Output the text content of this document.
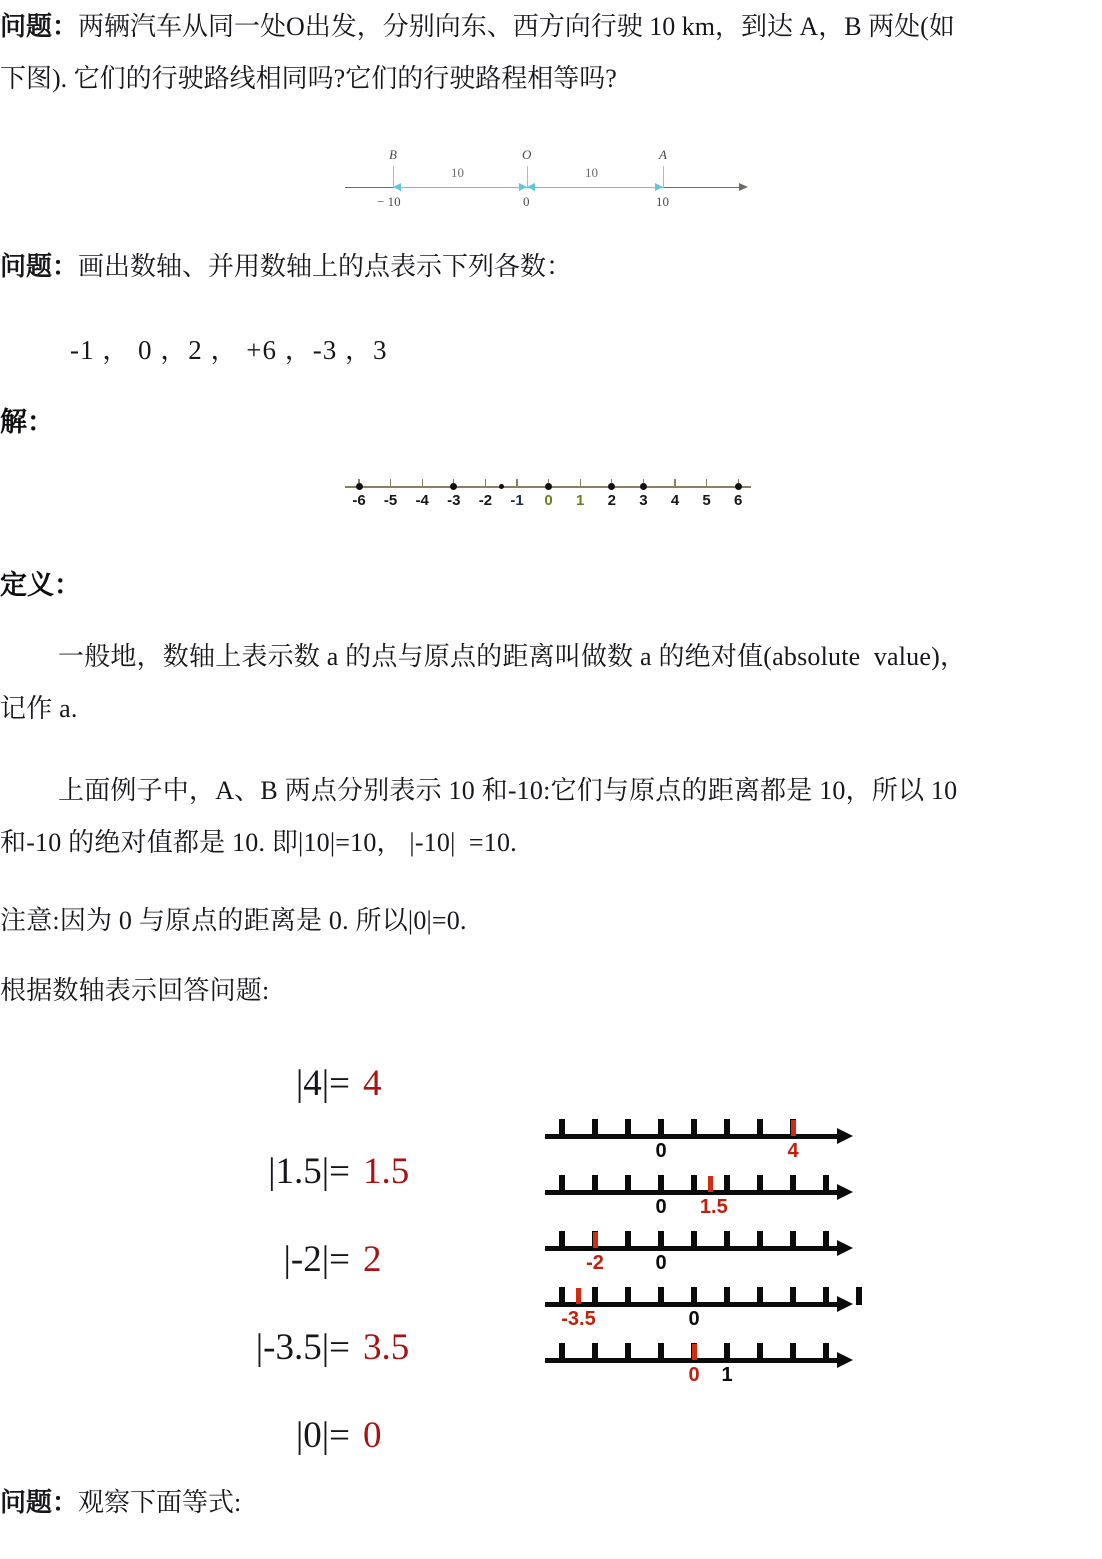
问题：两辆汽车从同一处O出发，分别向东、西方向行驶 10 km，到达 A，B 两处(如
下图). 它们的行驶路线相同吗?它们的行驶路程相等吗?
B	O	A
10	10
− 10	0	10
问题：画出数轴、并用数轴上的点表示下列各数：
-1 ， 0 ，2 ， +6 ，-3 ，3
解：
-6 -5 -4 -3 -2 -1 0 1 2 3 4 5 6
定义：
一般地，数轴上表示数 a 的点与原点的距离叫做数 a 的绝对值(absolute  value)，
记作 a.
上面例子中，A、B 两点分别表示 10 和-10:它们与原点的距离都是 10，所以 10
和-10 的绝对值都是 10. 即|10|=10， |-10|  =10.
注意:因为 0 与原点的距离是 0. 所以|0|=0.
根据数轴表示回答问题:
|4|= 4
|1.5|= 1.5
|-2|= 2
|-3.5|= 3.5
|0|= 0
0	4
0 1.5
-2	0
-3.5	0
0 1
问题：观察下面等式:
